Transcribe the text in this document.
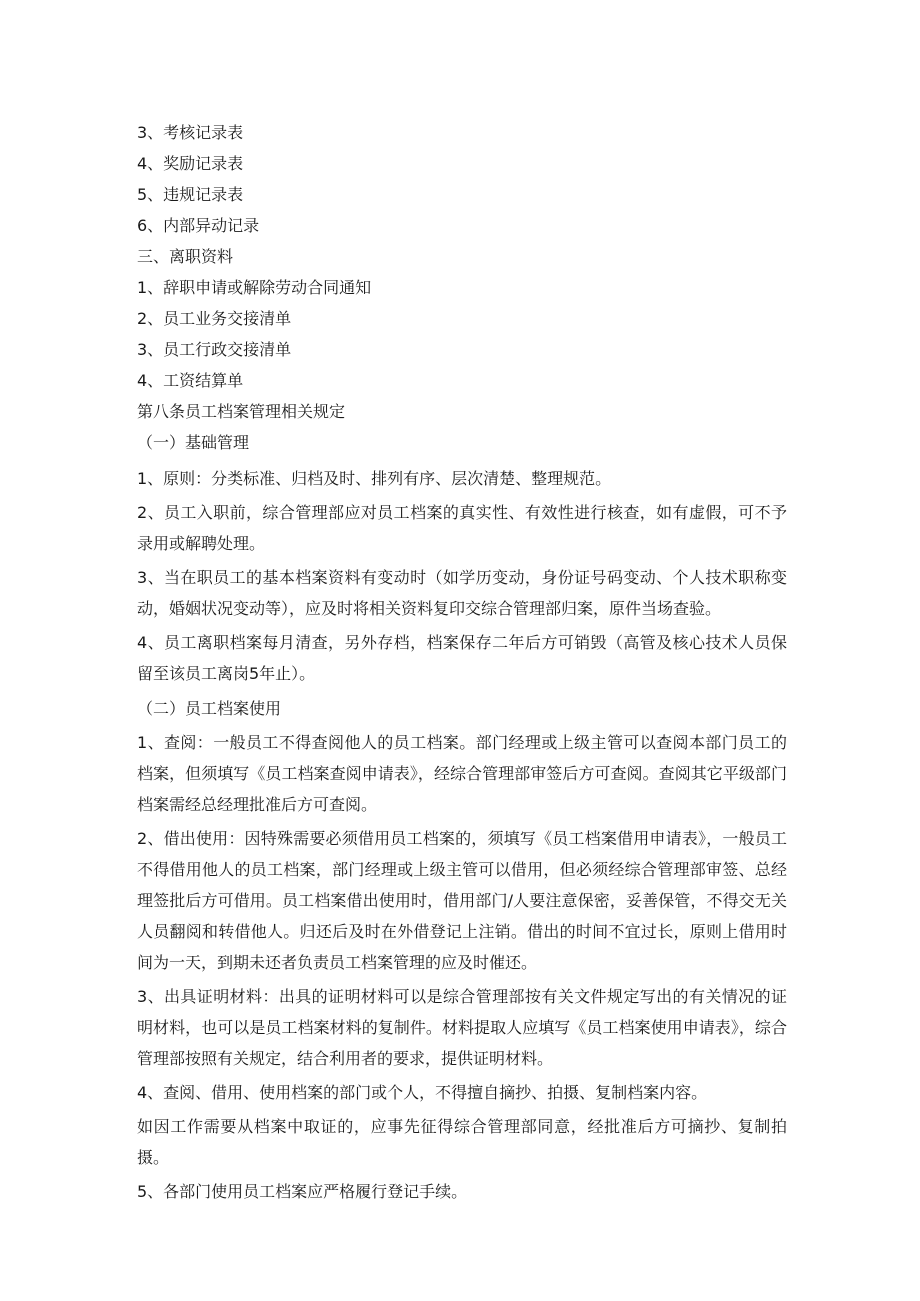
3、考核记录表
4、奖励记录表
5、违规记录表
6、内部异动记录
三、离职资料
1、辞职申请或解除劳动合同通知
2、员工业务交接清单
3、员工行政交接清单
4、工资结算单
第八条员工档案管理相关规定
（一）基础管理
1、原则：分类标准、归档及时、排列有序、层次清楚、整理规范。
2、员工入职前，综合管理部应对员工档案的真实性、有效性进行核查，如有虚假，可不予录用或解聘处理。
3、当在职员工的基本档案资料有变动时（如学历变动，身份证号码变动、个人技术职称变动，婚姻状况变动等），应及时将相关资料复印交综合管理部归案，原件当场查验。
4、员工离职档案每月清查，另外存档，档案保存二年后方可销毁（高管及核心技术人员保留至该员工离岗5年止）。
（二）员工档案使用
1、查阅：一般员工不得查阅他人的员工档案。部门经理或上级主管可以查阅本部门员工的档案，但须填写《员工档案查阅申请表》，经综合管理部审签后方可查阅。查阅其它平级部门档案需经总经理批准后方可查阅。
2、借出使用：因特殊需要必须借用员工档案的，须填写《员工档案借用申请表》，一般员工不得借用他人的员工档案，部门经理或上级主管可以借用，但必须经综合管理部审签、总经理签批后方可借用。员工档案借出使用时，借用部门/人要注意保密，妥善保管，不得交无关人员翻阅和转借他人。归还后及时在外借登记上注销。借出的时间不宜过长，原则上借用时间为一天，到期未还者负责员工档案管理的应及时催还。
3、出具证明材料：出具的证明材料可以是综合管理部按有关文件规定写出的有关情况的证明材料，也可以是员工档案材料的复制件。材料提取人应填写《员工档案使用申请表》，综合管理部按照有关规定，结合利用者的要求，提供证明材料。
4、查阅、借用、使用档案的部门或个人，不得擅自摘抄、拍摄、复制档案内容。
如因工作需要从档案中取证的，应事先征得综合管理部同意，经批准后方可摘抄、复制拍摄。
5、各部门使用员工档案应严格履行登记手续。
